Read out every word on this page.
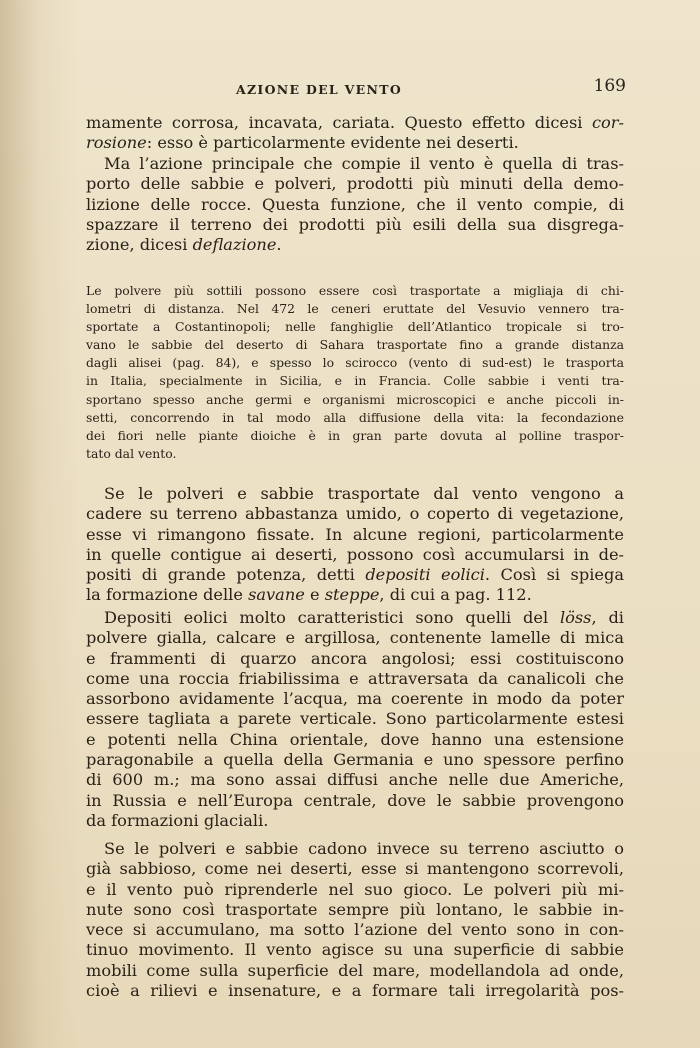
AZIONE DEL VENTO	169
mamente corrosa, incavata, cariata. Questo effetto dicesi cor-
rosione: esso è particolarmente evidente nei deserti.
Ma l’azione principale che compie il vento è quella di tras-
porto delle sabbie e polveri, prodotti più minuti della demo-
lizione delle rocce. Questa funzione, che il vento compie, di
spazzare il terreno dei prodotti più esili della sua disgrega-
zione, dicesi deflazione.
Le polvere più sottili possono essere così trasportate a migliaja di chi-
lometri di distanza. Nel 472 le ceneri eruttate del Vesuvio vennero tra-
sportate a Costantinopoli; nelle fanghiglie dell’Atlantico tropicale si tro-
vano le sabbie del deserto di Sahara trasportate fino a grande distanza
dagli alisei (pag. 84), e spesso lo scirocco (vento di sud-est) le trasporta
in Italia, specialmente in Sicilia, e in Francia. Colle sabbie i venti tra-
sportano spesso anche germi e organismi microscopici e anche piccoli in-
setti, concorrendo in tal modo alla diffusione della vita: la fecondazione
dei fiori nelle piante dioiche è in gran parte dovuta al polline traspor-
tato dal vento.
Se le polveri e sabbie trasportate dal vento vengono a
cadere su terreno abbastanza umido, o coperto di vegetazione,
esse vi rimangono fissate. In alcune regioni, particolarmente
in quelle contigue ai deserti, possono così accumularsi in de-
positi di grande potenza, detti depositi eolici. Così si spiega
la formazione delle savane e steppe, di cui a pag. 112.
Depositi eolici molto caratteristici sono quelli del löss, di
polvere gialla, calcare e argillosa, contenente lamelle di mica
e frammenti di quarzo ancora angolosi; essi costituiscono
come una roccia friabilissima e attraversata da canalicoli che
assorbono avidamente l’acqua, ma coerente in modo da poter
essere tagliata a parete verticale. Sono particolarmente estesi
e potenti nella China orientale, dove hanno una estensione
paragonabile a quella della Germania e uno spessore perfino
di 600 m.; ma sono assai diffusi anche nelle due Americhe,
in Russia e nell’Europa centrale, dove le sabbie provengono
da formazioni glaciali.
Se le polveri e sabbie cadono invece su terreno asciutto o
già sabbioso, come nei deserti, esse si mantengono scorrevoli,
e il vento può riprenderle nel suo gioco. Le polveri più mi-
nute sono così trasportate sempre più lontano, le sabbie in-
vece si accumulano, ma sotto l’azione del vento sono in con-
tinuo movimento. Il vento agisce su una superficie di sabbie
mobili come sulla superficie del mare, modellandola ad onde,
cioè a rilievi e insenature, e a formare tali irregolarità pos-
